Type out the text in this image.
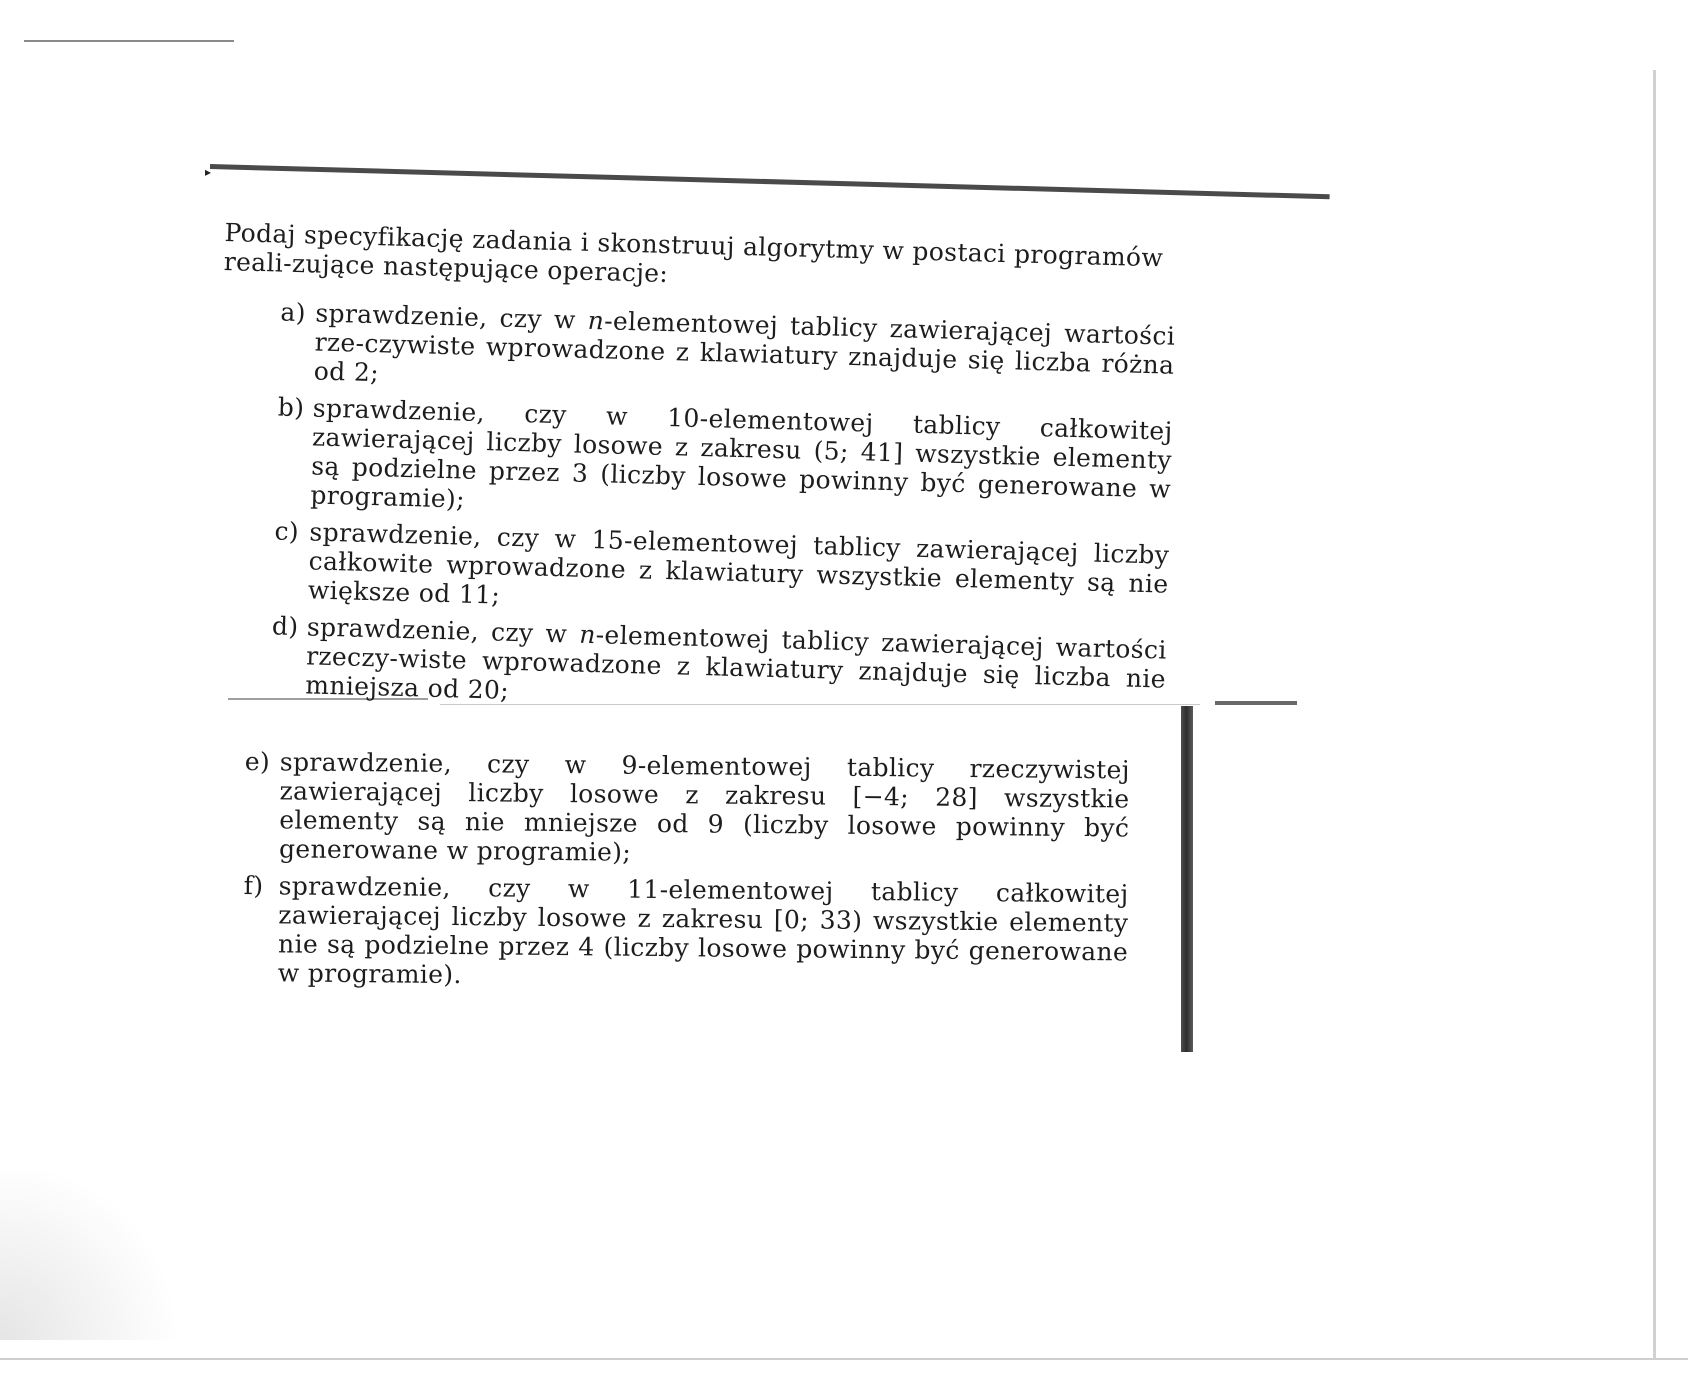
▸

Podaj specyfikację zadania i skonstruuj algorytmy w postaci programów reali-zujące następujące operacje:

a) sprawdzenie, czy w n-elementowej tablicy zawierającej wartości rze-czywiste wprowadzone z klawiatury znajduje się liczba różna od 2;
b) sprawdzenie, czy w 10-elementowej tablicy całkowitej zawierającej liczby losowe z zakresu (5; 41] wszystkie elementy są podzielne przez 3 (liczby losowe powinny być generowane w programie);
c) sprawdzenie, czy w 15-elementowej tablicy zawierającej liczby całkowite wprowadzone z klawiatury wszystkie elementy są nie większe od 11;
d) sprawdzenie, czy w n-elementowej tablicy zawierającej wartości rzeczy-wiste wprowadzone z klawiatury znajduje się liczba nie mniejsza od 20;
e) sprawdzenie, czy w 9-elementowej tablicy rzeczywistej zawierającej liczby losowe z zakresu [−4; 28] wszystkie elementy są nie mniejsze od 9 (liczby losowe powinny być generowane w programie);
f) sprawdzenie, czy w 11-elementowej tablicy całkowitej zawierającej liczby losowe z zakresu [0; 33) wszystkie elementy nie są podzielne przez 4 (liczby losowe powinny być generowane w programie).
